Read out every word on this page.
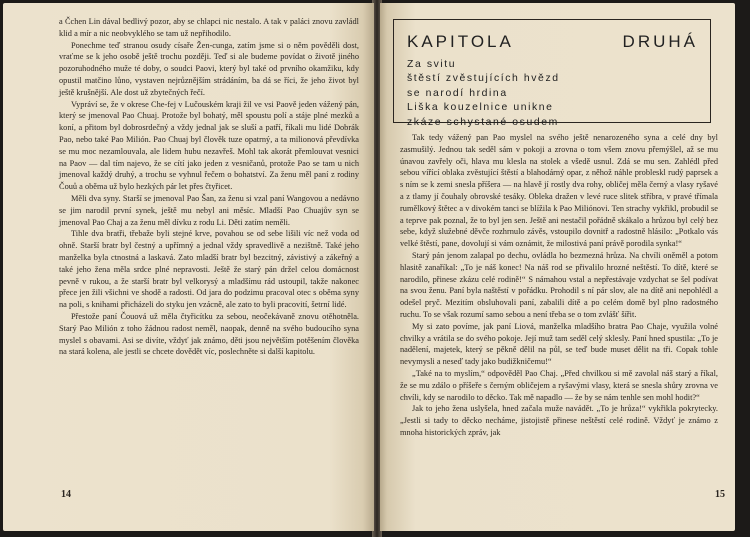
a Čchen Lin dával bedlivý pozor, aby se chlapci nic nestalo. A tak v paláci znovu zavládl klid a mír a nic neobvyklého se tam už nepřihodilo.

Ponechme teď stranou osudy císaře Žen-cunga, zatím jsme si o něm pověděli dost, vraťme se k jeho osobě ještě trochu později. Teď si ale budeme povídat o životě jiného pozoruhodného muže té doby, o soudci Paovi, který byl také od prvního okamžiku, kdy opustil matčino lůno, vystaven nejrůznějším strádáním, ba dá se říci, že jeho život byl ještě krušnější. Ale dost už zbytečných řečí.

Vypráví se, že v okrese Che-fej v Lučouském kraji žil ve vsi Paově jeden vážený pán, který se jmenoval Pao Chuaj. Protože byl bohatý, měl spoustu polí a stáje plné mezků a koní, a přitom byl dobrosrdečný a vždy jednal jak se sluší a patří, říkali mu lidé Dobrák Pao, nebo také Pao Milión. Pao Chuaj byl člověk tuze opatrný, a ta milionová převdívka se mu moc nezamlouvala, ale lidem hubu nezavřeš. Mohl tak akorát přemlouvat vesnici na Paov — dal tím najevo, že se cítí jako jeden z vesničanů, protože Pao se tam u nich jmenoval každý druhý, a trochu se vyhnul řečem o bohatství. Za ženu měl paní z rodiny Čouů a oběma už bylo hezkých pár let přes čtyřicet.

Měli dva syny. Starší se jmenoval Pao Šan, za ženu si vzal paní Wangovou a nedávno se jim narodil první synek, ještě mu nebyl ani měsíc. Mladší Pao Chuajův syn se jmenoval Pao Chaj a za ženu měl dívku z rodu Li. Děti zatím neměli.

Tihle dva bratři, třebaže byli stejné krve, povahou se od sebe lišili víc než voda od ohně. Starší bratr byl čestný a upřímný a jednal vždy spravedlivě a nezištně. Také jeho manželka byla ctnostná a laskavá. Zato mladší bratr byl bezcitný, závistivý a zákeřný a také jeho žena měla srdce plné nepravosti. Ještě že starý pán držel celou domácnost pevně v rukou, a že starší bratr byl velkorysý a mladšímu rád ustoupil, takže nakonec přece jen žili všichni ve shodě a radosti. Od jara do podzimu pracoval otec s oběma syny na poli, s knihami přicházeli do styku jen vzácně, ale zato to byli pracovití, šetrní lidé.

Přestože paní Čouová už měla čtyřicítku za sebou, neočekávaně znovu otěhotněla. Starý Pao Milión z toho žádnou radost neměl, naopak, denně na svého budoucího syna myslel s obavami. Asi se divíte, vždyť jak známo, děti jsou největším potěšením člověka na stará kolena, ale jestli se chcete dovědět víc, poslechněte si další kapitolu.

14
KAPITOLA	DRUHÁ
Za svitu
štěstí zvěstujících hvězd
se narodí hrdina
Liška kouzelnice unikne
zkáze schystané osudem

Tak tedy vážený pan Pao myslel na svého ještě nenarozeného syna a celé dny byl zasmušilý. Jednou tak seděl sám v pokoji a zrovna o tom všem znovu přemýšlel, až se mu únavou zavřely oči, hlava mu klesla na stolek a všedě usnul. Zdá se mu sen. Zahlédl před sebou vířící oblaka zvěstující štěstí a blahodárný opar, z něhož náhle probleskl rudý paprsek a s ním se k zemi snesla příšera — na hlavě jí rostly dva rohy, obličej měla černý a vlasy ryšavé a z tlamy jí čouhaly obrovské tesáky. Obleka dražen v levé ruce slitek stříbra, v pravé třímala rumělkový štětec a v divokém tanci se blížila k Pao Miliónovi. Ten strachy vykřikl, probudil se a teprve pak poznal, že to byl jen sen. Ještě ani nestačil pořádně skákalo a hrůzou byl celý bez sebe, když služebné děvče rozhrnulo závěs, vstoupilo dovnitř a radostně hlásilo: „Potkalo vás velké štěstí, pane, dovolují si vám oznámit, že milostivá paní právě porodila synka!“

Starý pán jenom zalapal po dechu, ovládla ho bezmezná hrůza. Na chvíli oněměl a potom hlasitě zanaříkal: „To je náš konec! Na náš rod se přivalilo hrozné neštěstí. To dítě, které se narodilo, přinese zkázu celé rodině!“ S námahou vstal a nepřestávaje vzdychat se šel podívat na svou ženu. Paní byla naštěstí v pořádku. Prohodil s ní pár slov, ale na dítě ani nepohlédl a odešel pryč. Mezitím obsluhovali paní, zabalili dítě a po celém domě byl plno radostného ruchu. To se však rozumí samo sebou a není třeba se o tom zvlášť šířit.

My si zato povíme, jak paní Liová, manželka mladšího bratra Pao Chaje, využila volné chvilky a vrátila se do svého pokoje. Její muž tam seděl celý sklesly. Paní hned spustila: „To je nadělení, majetek, který se pěkně dělil na půl, se teď bude muset dělit na tři. Copak tohle nevymysli a neseď tady jako budižkničemu!“

„Také na to myslím,“ odpověděl Pao Chaj. „Před chvilkou si mě zavolal náš starý a říkal, že se mu zdálo o příšeře s černým obličejem a ryšavými vlasy, která se snesla shůry zrovna ve chvíli, kdy se narodilo to děcko. Tak mě napadlo — že by se nám tenhle sen mohl hodit?“

Jak to jeho žena uslyšela, hned začala muže navádět. „To je hrůza!“ vykřikla pokrytecky. „Jestli si tady to děcko necháme, jistojistě přinese neštěstí celé rodině. Vždyť je známo z mnoha historických zpráv, jak

15
